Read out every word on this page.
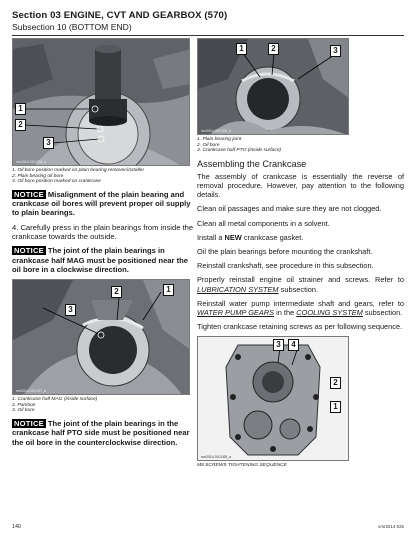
Section 03 ENGINE, CVT AND GEARBOX (570)
Subsection 10 (BOTTOM END)
1
2
3
rmr2014-010-005_a
1. Oil bore position marked on plain bearing remover/installer
2. Plain bearing oil bore
3. Oil bore position marked on crankcase
NOTICE Misalignment of the plain bearing and crankcase oil bores will prevent proper oil supply to plain bearings.
4. Carefully press in the plain bearings from inside the crankcase towards the outside.
NOTICE The joint of the plain bearings in crankcase half MAG must be positioned near the oil bore in a clockwise direction.
1
2
3
rmr2014-010-007_a
1. Crankcase half MAG (inside surface)
2. Partition
3. Oil bore
NOTICE The joint of the plain bearings in the crankcase half PTO side must be positioned near the oil bore in the counterclockwise direction.
1	2	3
rmr2014-010-006_a
1. Plain bearing joint
2. Oil bore
3. Crankcase half PTO (inside surface)
Assembling the Crankcase
The assembly of crankcase is essentially the reverse of removal procedure. However, pay attention to the following details.
Clean oil passages and make sure they are not clogged.
Clean all metal components in a solvent.
Install a NEW crankcase gasket.
Oil the plain bearings before mounting the crankshaft.
Reinstall crankshaft, see procedure in this subsection.
Properly reinstall engine oil strainer and screws. Refer to LUBRICATION SYSTEM subsection.
Reinstall water pump intermediate shaft and gears, refer to WATER PUMP GEARS in the COOLING SYSTEM subsection.
Tighten crankcase retaining screws as per following sequence.
3	4
2
1
rmr2014-010-008_a
M8 SCREWS TIGHTENING SEQUENCE
140	vmr2014-025
